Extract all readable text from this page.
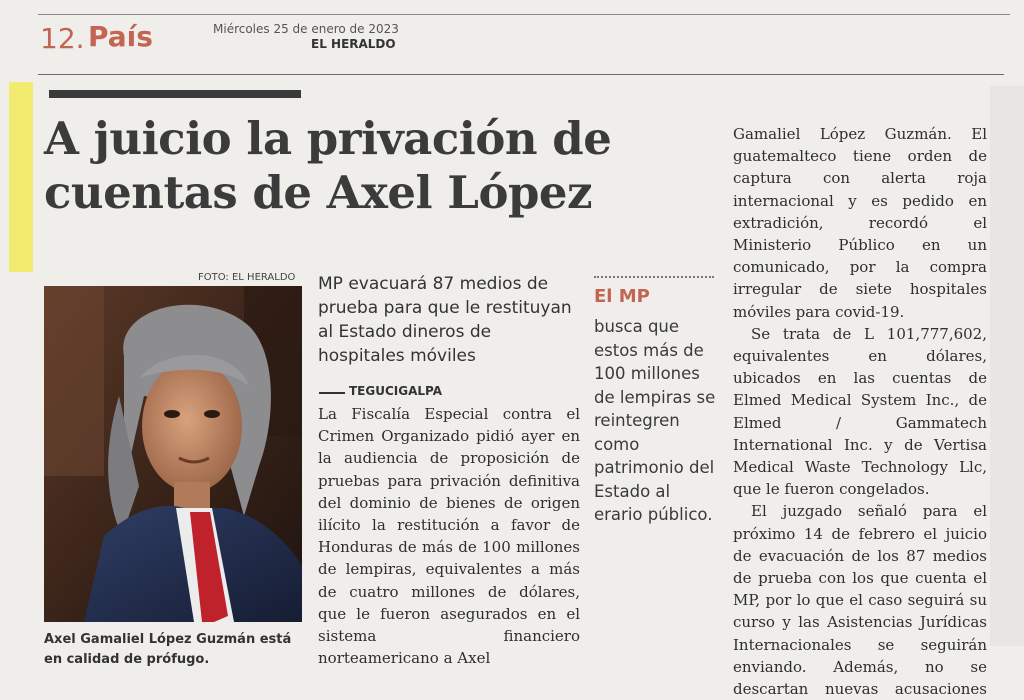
12. País	Miércoles 25 de enero de 2023
EL HERALDO
A juicio la privación de
cuentas de Axel López
FOTO: EL HERALDO
Axel Gamaliel López Guzmán está en calidad de prófugo.
MP evacuará 87 medios de prueba para que le restituyan al Estado dineros de hospitales móviles
TEGUCIGALPA
La Fiscalía Especial contra el Crimen Organizado pidió ayer en la audiencia de proposición de pruebas para privación definitiva del dominio de bienes de origen ilícito la restitución a favor de Honduras de más de 100 millones de lempiras, equivalentes a más de cuatro millones de dólares, que le fueron asegurados en el sistema financiero norteamericano a Axel
El MP
busca que estos más de 100 millones de lempiras se reintegren como patrimonio del Estado al erario público.

Gamaliel López Guzmán. El guatemalteco tiene orden de captura con alerta roja internacional y es pedido en extradición, recordó el Ministerio Público en un comunicado, por la compra irregular de siete hospitales móviles para covid-19.

Se trata de L 101,777,602, equivalentes en dólares, ubicados en las cuentas de Elmed Medical System Inc., de Elmed / Gammatech International Inc. y de Vertisa Medical Waste Technology Llc, que le fueron congelados.

El juzgado señaló para el próximo 14 de febrero el juicio de evacuación de los 87 medios de prueba con los que cuenta el MP, por lo que el caso seguirá su curso y las Asistencias Jurídicas Internacionales se seguirán enviando. Además, no se descartan nuevas acusaciones
